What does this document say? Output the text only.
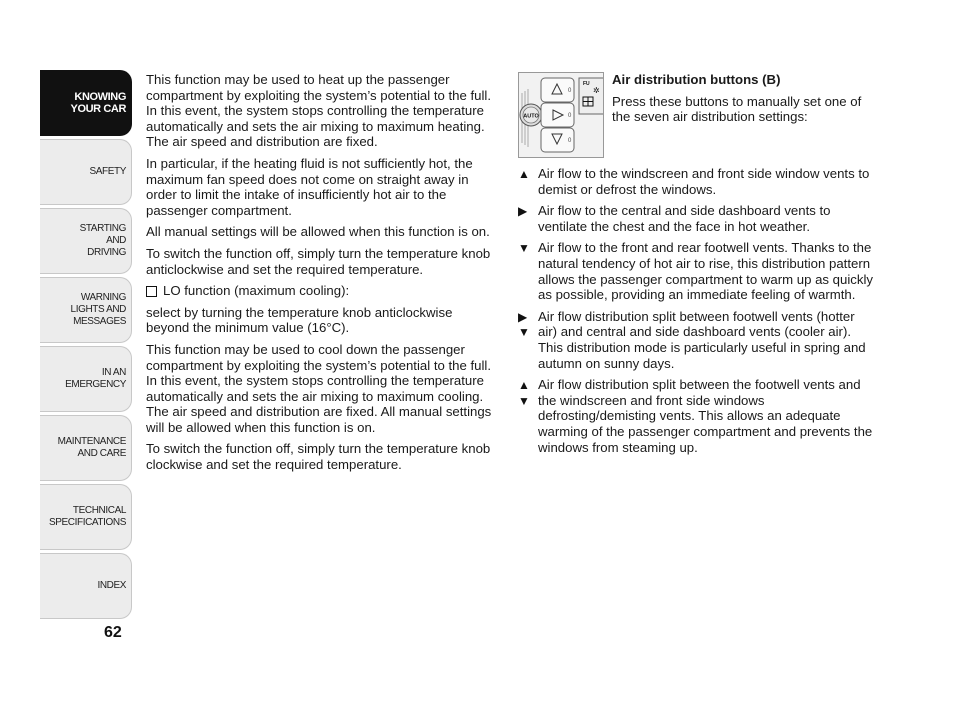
KNOWING
YOUR CAR
SAFETY
STARTING
AND
DRIVING
WARNING
LIGHTS AND
MESSAGES
IN AN
EMERGENCY
MAINTENANCE
AND CARE
TECHNICAL
SPECIFICATIONS
INDEX
62

This function may be used to heat up the passenger compartment by exploiting the system’s potential to the full. In this event, the system stops controlling the temperature automatically and sets the air mixing to maximum heating. The air speed and distribution are fixed.

In particular, if the heating fluid is not sufficiently hot, the maximum fan speed does not come on straight away in order to limit the intake of insufficiently hot air to the passenger compartment.

All manual settings will be allowed when this function is on.

To switch the function off, simply turn the temperature knob anticlockwise and set the required temperature.

LO function (maximum cooling):

select by turning the temperature knob anticlockwise beyond the minimum value (16°C).

This function may be used to cool down the passenger compartment by exploiting the system’s potential to the full. In this event, the system stops controlling the temperature automatically and sets the air mixing to maximum cooling. The air speed and distribution are fixed. All manual settings will be allowed when this function is on.

To switch the function off, simply turn the temperature knob clockwise and set the required temperature.

AUTO
0
0
0
FU
✲
Air distribution buttons (B)

Press these buttons to manually set one of the seven air distribution settings:

▲ Air flow to the windscreen and front side window vents to demist or defrost the windows.
▶ Air flow to the central and side dashboard vents to ventilate the chest and the face in hot weather.
▼ Air flow to the front and rear footwell vents. Thanks to the natural tendency of hot air to rise, this distribution pattern allows the passenger compartment to warm up as quickly as possible, providing an immediate feeling of warmth.
▶
▼
Air flow distribution split between footwell vents (hotter air) and central and side dashboard vents (cooler air). This distribution mode is particularly useful in spring and autumn on sunny days.
▲
▼
Air flow distribution split between the footwell vents and the windscreen and front side windows defrosting/demisting vents. This allows an adequate warming of the passenger compartment and prevents the windows from steaming up.
